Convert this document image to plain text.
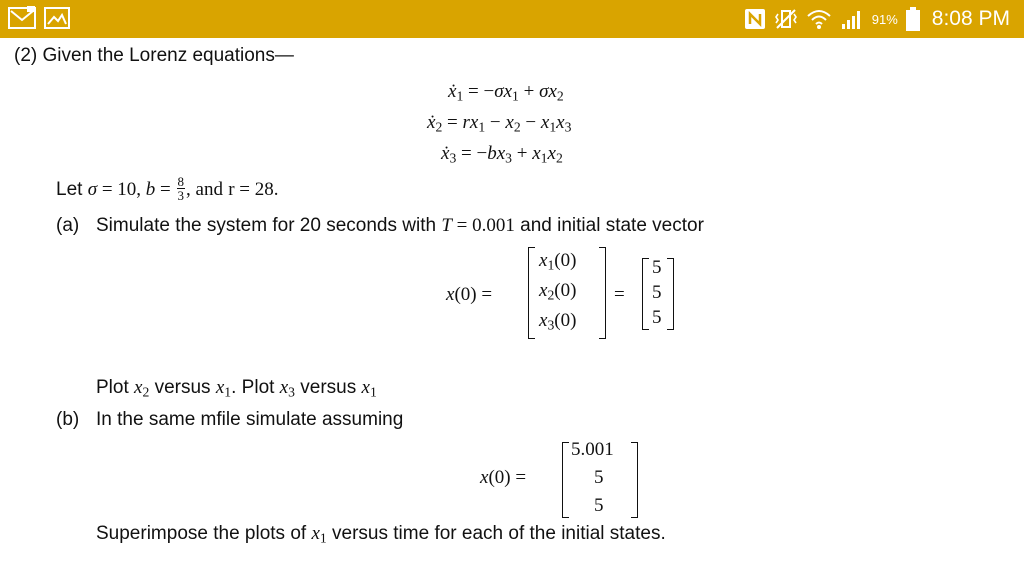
91% 8:08 PM
(2) Given the Lorenz equations—
ẋ$_1$ = $-\sigma x_1 + \sigma x_2$
ẋ$_2$ = $rx_1 - x_2 - x_1x_3$
ẋ$_3$ = $-bx_3 + x_1x_2$
Let σ = 10, $b = \frac{8}{3}$ , and r = 28.
(a) Simulate the system for 20 seconds with T = 0.001 and initial state vector
x(0) =
$x_1(0)$
$x_2(0)$
$x_3(0)$
=
5
5
5
Plot $x_2$ versus $x_1$. Plot $x_3$ versus $x_1$
(b) In the same mfile simulate assuming
x(0) =
5.001
5
5
Superimpose the plots of $x_1$ versus time for each of the initial states.
